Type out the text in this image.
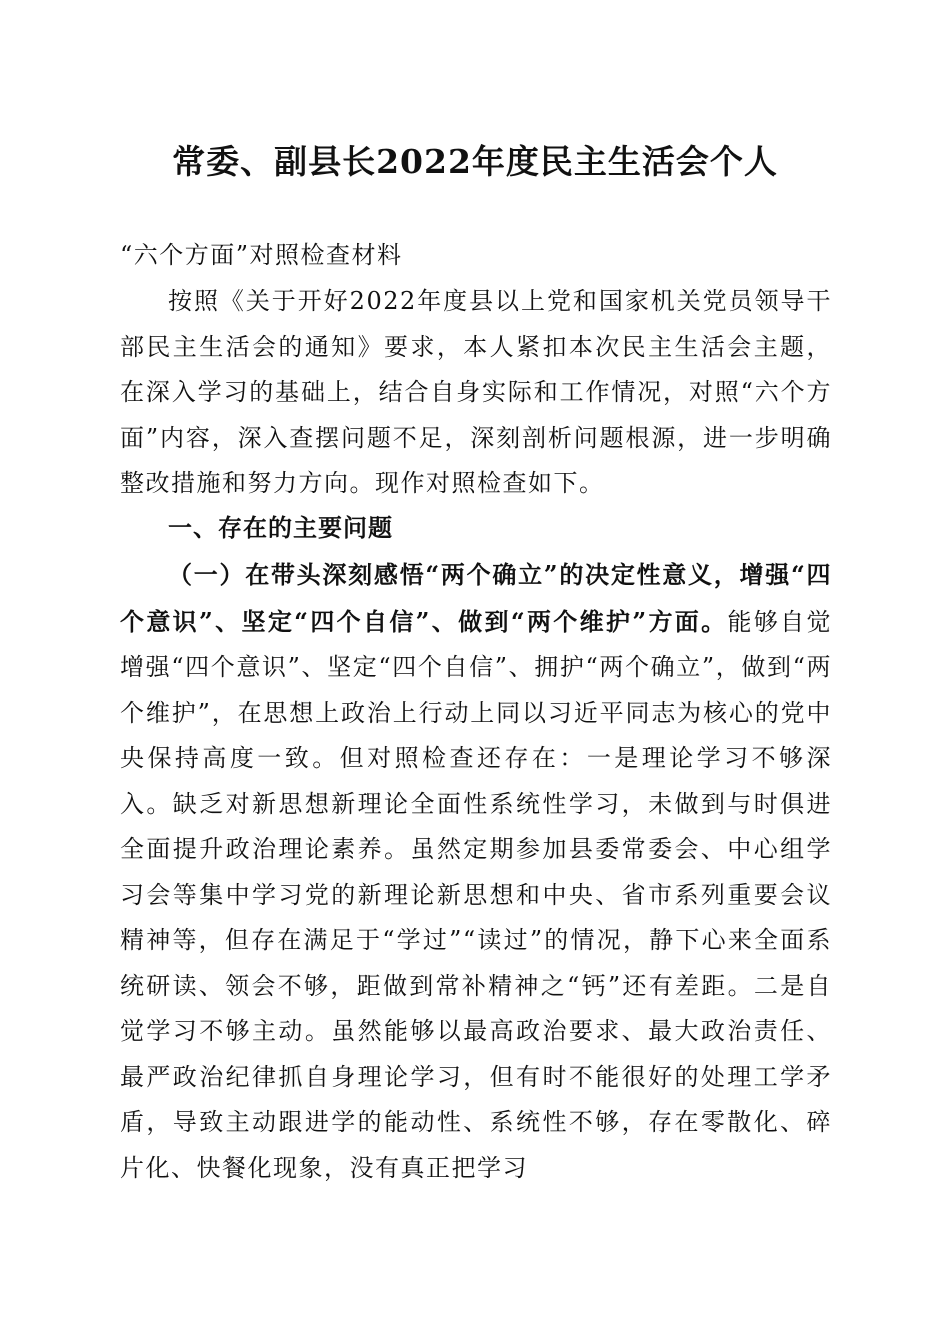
常委、副县长2022年度民主生活会个人
“六个方面”对照检查材料
按照《关于开好2022年度县以上党和国家机关党员领导干部民主生活会的通知》要求，本人紧扣本次民主生活会主题，在深入学习的基础上，结合自身实际和工作情况，对照“六个方面”内容，深入查摆问题不足，深刻剖析问题根源，进一步明确整改措施和努力方向。现作对照检查如下。
一、存在的主要问题
（一）在带头深刻感悟“两个确立”的决定性意义，增强“四个意识”、坚定“四个自信”、做到“两个维护”方面。能够自觉增强“四个意识”、坚定“四个自信”、拥护“两个确立”，做到“两个维护”，在思想上政治上行动上同以习近平同志为核心的党中央保持高度一致。但对照检查还存在：一是理论学习不够深入。缺乏对新思想新理论全面性系统性学习，未做到与时俱进全面提升政治理论素养。虽然定期参加县委常委会、中心组学习会等集中学习党的新理论新思想和中央、省市系列重要会议精神等，但存在满足于“学过”“读过”的情况，静下心来全面系统研读、领会不够，距做到常补精神之“钙”还有差距。二是自觉学习不够主动。虽然能够以最高政治要求、最大政治责任、最严政治纪律抓自身理论学习，但有时不能很好的处理工学矛盾，导致主动跟进学的能动性、系统性不够，存在零散化、碎片化、快餐化现象，没有真正把学习
